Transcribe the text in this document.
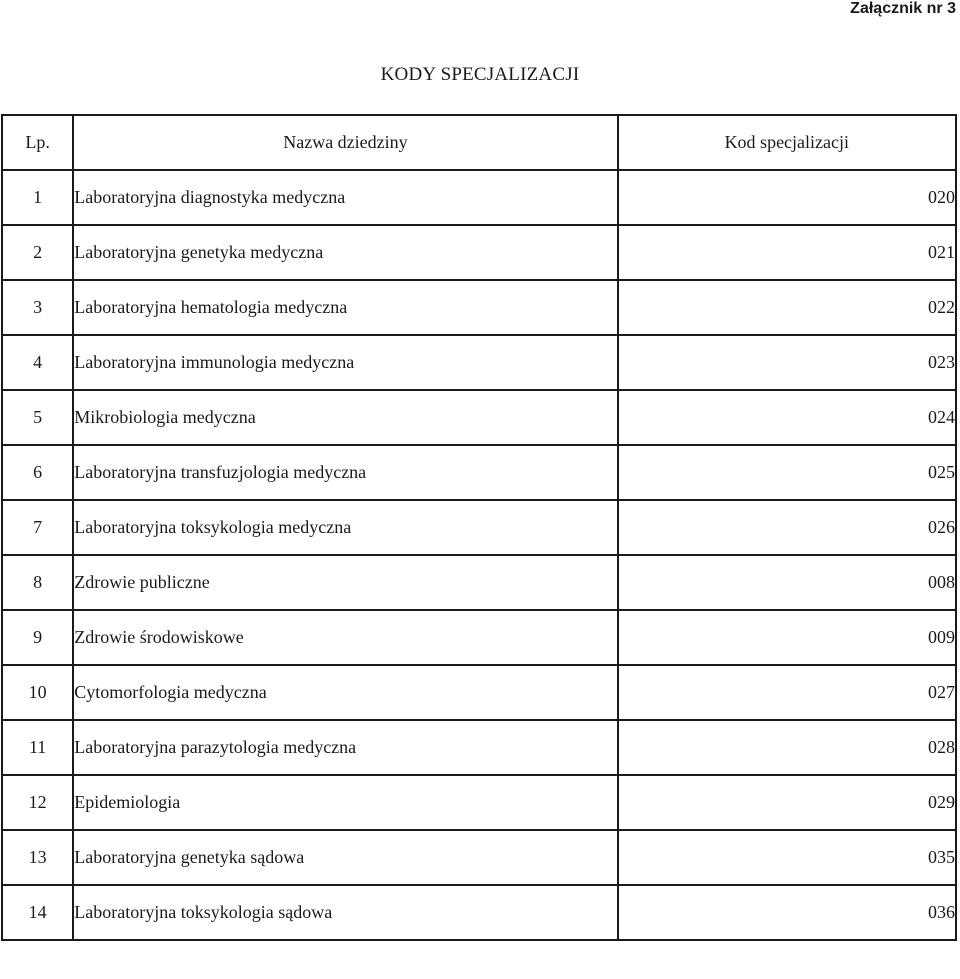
Załącznik nr 3
KODY SPECJALIZACJI
Lp.	Nazwa dziedziny	Kod specjalizacji
1	Laboratoryjna diagnostyka medyczna	020
2	Laboratoryjna genetyka medyczna	021
3	Laboratoryjna hematologia medyczna	022
4	Laboratoryjna immunologia medyczna	023
5	Mikrobiologia medyczna	024
6	Laboratoryjna transfuzjologia medyczna	025
7	Laboratoryjna toksykologia medyczna	026
8	Zdrowie publiczne	008
9	Zdrowie środowiskowe	009
10	Cytomorfologia medyczna	027
11	Laboratoryjna parazytologia medyczna	028
12	Epidemiologia	029
13	Laboratoryjna genetyka sądowa	035
14	Laboratoryjna toksykologia sądowa	036
